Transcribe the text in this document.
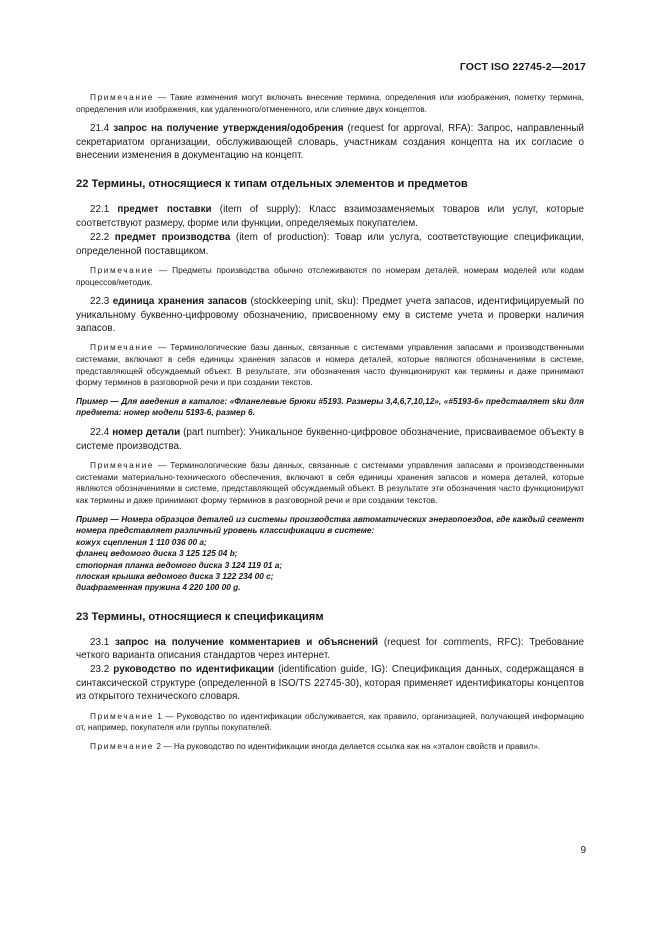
ГОСТ ISO 22745-2—2017

Примечание — Такие изменения могут включать внесение термина, определения или изображения, пометку термина, определения или изображения, как удаленного/отмененного, или слияние двух концептов.

21.4 запрос на получение утверждения/одобрения (request for approval, RFA): Запрос, направленный секретариатом организации, обслуживающей словарь, участникам создания концепта на их согласие о внесении изменения в документацию на концепт.

22 Термины, относящиеся к типам отдельных элементов и предметов

22.1 предмет поставки (item of supply): Класс взаимозаменяемых товаров или услуг, которые соответствуют размеру, форме или функции, определяемых покупателем.

22.2 предмет производства (item of production): Товар или услуга, соответствующие спецификации, определенной поставщиком.

Примечание — Предметы производства обычно отслеживаются по номерам деталей, номерам моделей или кодам процессов/методик.

22.3 единица хранения запасов (stockkeeping unit, sku): Предмет учета запасов, идентифицируемый по уникальному буквенно-цифровому обозначению, присвоенному ему в системе учета и проверки наличия запасов.

Примечание — Терминологические базы данных, связанные с системами управления запасами и производственными системами, включают в себя единицы хранения запасов и номера деталей, которые являются обозначениями в системе, представляющей обсуждаемый объект. В результате, эти обозначения часто функционируют как термины и даже принимают форму терминов в разговорной речи и при создании текстов.

Пример — Для введения в каталог: «Фланелевые брюки #5193. Размеры 3,4,6,7,10,12», «#5193-6» представляет sku для предмета: номер модели 5193-6, размер 6.

22.4 номер детали (part number): Уникальное буквенно-цифровое обозначение, присваиваемое объекту в системе производства.

Примечание — Терминологические базы данных, связанные с системами управления запасами и производственными системами материально-технического обеспечения, включают в себя единицы хранения запасов и номера деталей, которые являются обозначениями в системе, представляющей обсуждаемый объект. В результате эти обозначения часто функционируют как термины и даже принимают форму терминов в разговорной речи и при создании текстов.

Пример — Номера образцов деталей из системы производства автоматических энергопоездов, где каждый сегмент номера представляет различный уровень классификации в системе:

кожух сцепления 1 110 036 00 a;
фланец ведомого диска 3 125 125 04 b;
стопорная планка ведомого диска 3 124 119 01 a;
плоская крышка ведомого диска 3 122 234 00 c;
диафрагменная пружина 4 220 100 00 g.
23 Термины, относящиеся к спецификациям

23.1 запрос на получение комментариев и объяснений (request for comments, RFC): Требование четкого варианта описания стандартов через интернет.

23.2 руководство по идентификации (identification guide, IG): Спецификация данных, содержащаяся в синтаксической структуре (определенной в ISO/TS 22745-30), которая применяет идентификаторы концептов из открытого технического словаря.

Примечание 1 — Руководство по идентификации обслуживается, как правило, организацией, получающей информацию от, например, покупателя или группы покупателей.

Примечание 2 — На руководство по идентификации иногда делается ссылка как на «эталон свойств и правил».

9
